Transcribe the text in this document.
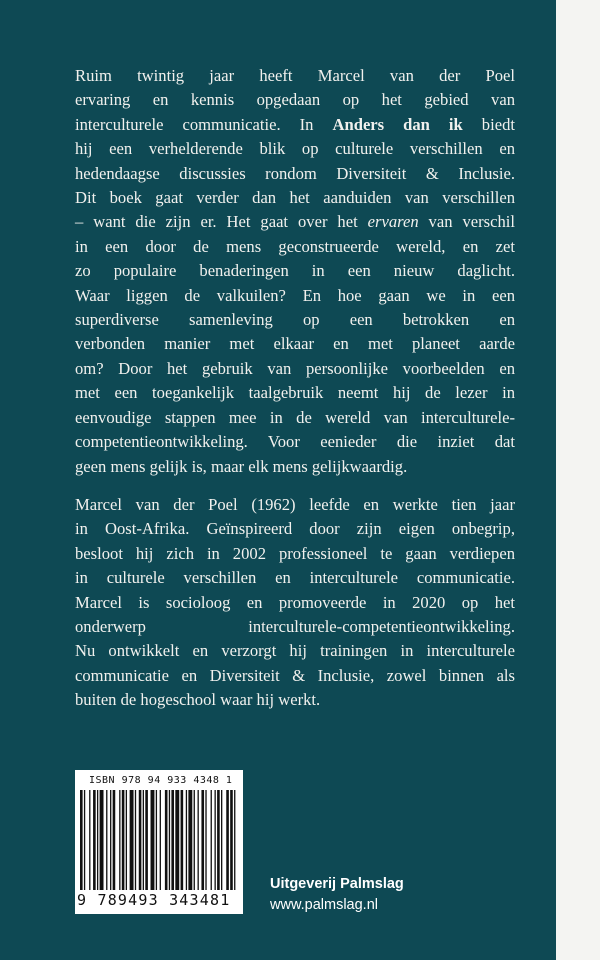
Ruim twintig jaar heeft Marcel van der Poel
ervaring en kennis opgedaan op het gebied van
interculturele communicatie. In Anders dan ik biedt
hij een verhelderende blik op culturele verschillen en
hedendaagse discussies rondom Diversiteit & Inclusie.
Dit boek gaat verder dan het aanduiden van verschillen
– want die zijn er. Het gaat over het ervaren van verschil
in een door de mens geconstrueerde wereld, en zet
zo populaire benaderingen in een nieuw daglicht.
Waar liggen de valkuilen? En hoe gaan we in een
superdiverse samenleving op een betrokken en
verbonden manier met elkaar en met planeet aarde
om? Door het gebruik van persoonlijke voorbeelden en
met een toegankelijk taalgebruik neemt hij de lezer in
eenvoudige stappen mee in de wereld van interculturele-
competentieontwikkeling. Voor eenieder die inziet dat
geen mens gelijk is, maar elk mens gelijkwaardig.
Marcel van der Poel (1962) leefde en werkte tien jaar
in Oost-Afrika. Geïnspireerd door zijn eigen onbegrip,
besloot hij zich in 2002 professioneel te gaan verdiepen
in culturele verschillen en interculturele communicatie.
Marcel is socioloog en promoveerde in 2020 op het
onderwerp interculturele-competentieontwikkeling.
Nu ontwikkelt en verzorgt hij trainingen in interculturele
communicatie en Diversiteit & Inclusie, zowel binnen als
buiten de hogeschool waar hij werkt.
ISBN 978 94 933 4348 1
9 789493 343481
Uitgeverij Palmslag
www.palmslag.nl
